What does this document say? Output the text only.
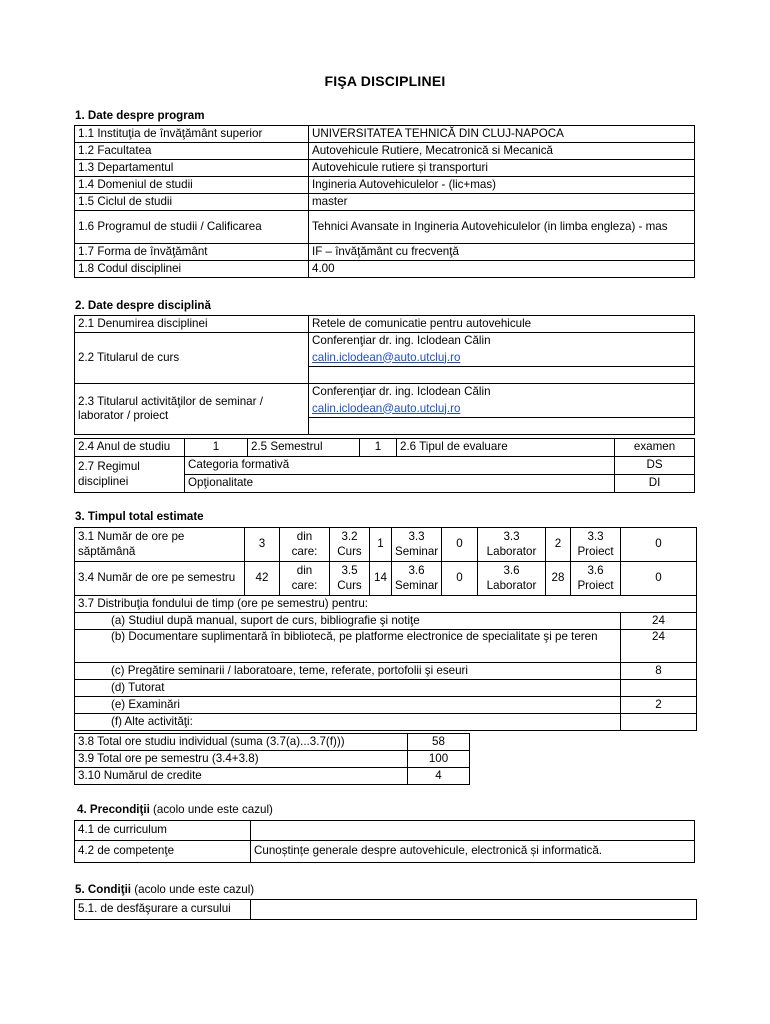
FIŞA DISCIPLINEI
1. Date despre program
1.1 Instituţia de învăţământ superior	UNIVERSITATEA TEHNICĂ DIN CLUJ-NAPOCA
1.2 Facultatea	Autovehicule Rutiere, Mecatronică si Mecanică
1.3 Departamentul	Autovehicule rutiere și transporturi
1.4 Domeniul de studii	Ingineria Autovehiculelor - (lic+mas)
1.5 Ciclul de studii	master
1.6 Programul de studii / Calificarea	Tehnici Avansate in Ingineria Autovehiculelor (in limba engleza) - mas
1.7 Forma de învăţământ	IF – învăţământ cu frecvenţă
1.8 Codul disciplinei	4.00
2. Date despre disciplină
2.1 Denumirea disciplinei	Retele de comunicatie pentru autovehicule
2.2 Titularul de curs	Conferenţiar dr. ing. Iclodean Călin
	calin.iclodean@auto.utcluj.ro

2.3 Titularul activităţilor de seminar / laborator / proiect	Conferenţiar dr. ing. Iclodean Călin
	calin.iclodean@auto.utcluj.ro

2.4 Anul de studiu	1	2.5 Semestrul	1	2.6 Tipul de evaluare	examen
2.7 Regimul disciplinei	Categoria formativă				DS
	Opţionalitate				DI
3. Timpul total estimate
3.1 Număr de ore pe săptămână	3	din care:	3.2 Curs	1	3.3 Seminar	0	3.3 Laborator	2	3.3 Proiect	0
3.4 Număr de ore pe semestru	42	din care:	3.5 Curs	14	3.6 Seminar	0	3.6 Laborator	28	3.6 Proiect	0
3.7 Distribuţia fondului de timp (ore pe semestru) pentru:										
(a) Studiul după manual, suport de curs, bibliografie şi notiţe										24
(b) Documentare suplimentară în bibliotecă, pe platforme electronice de specialitate şi pe teren										24
(c) Pregătire seminarii / laboratoare, teme, referate, portofolii şi eseuri										8
(d) Tutorat										
(e) Examinări										2
(f) Alte activităţi:										
3.8 Total ore studiu individual (suma (3.7(a)...3.7(f)))	58
3.9 Total ore pe semestru (3.4+3.8)	100
3.10 Numărul de credite	4
4. Precondiţii (acolo unde este cazul)
4.1 de curriculum	
4.2 de competenţe	Cunoștințe generale despre autovehicule, electronică și informatică.
5. Condiţii (acolo unde este cazul)
5.1. de desfăşurare a cursului	
